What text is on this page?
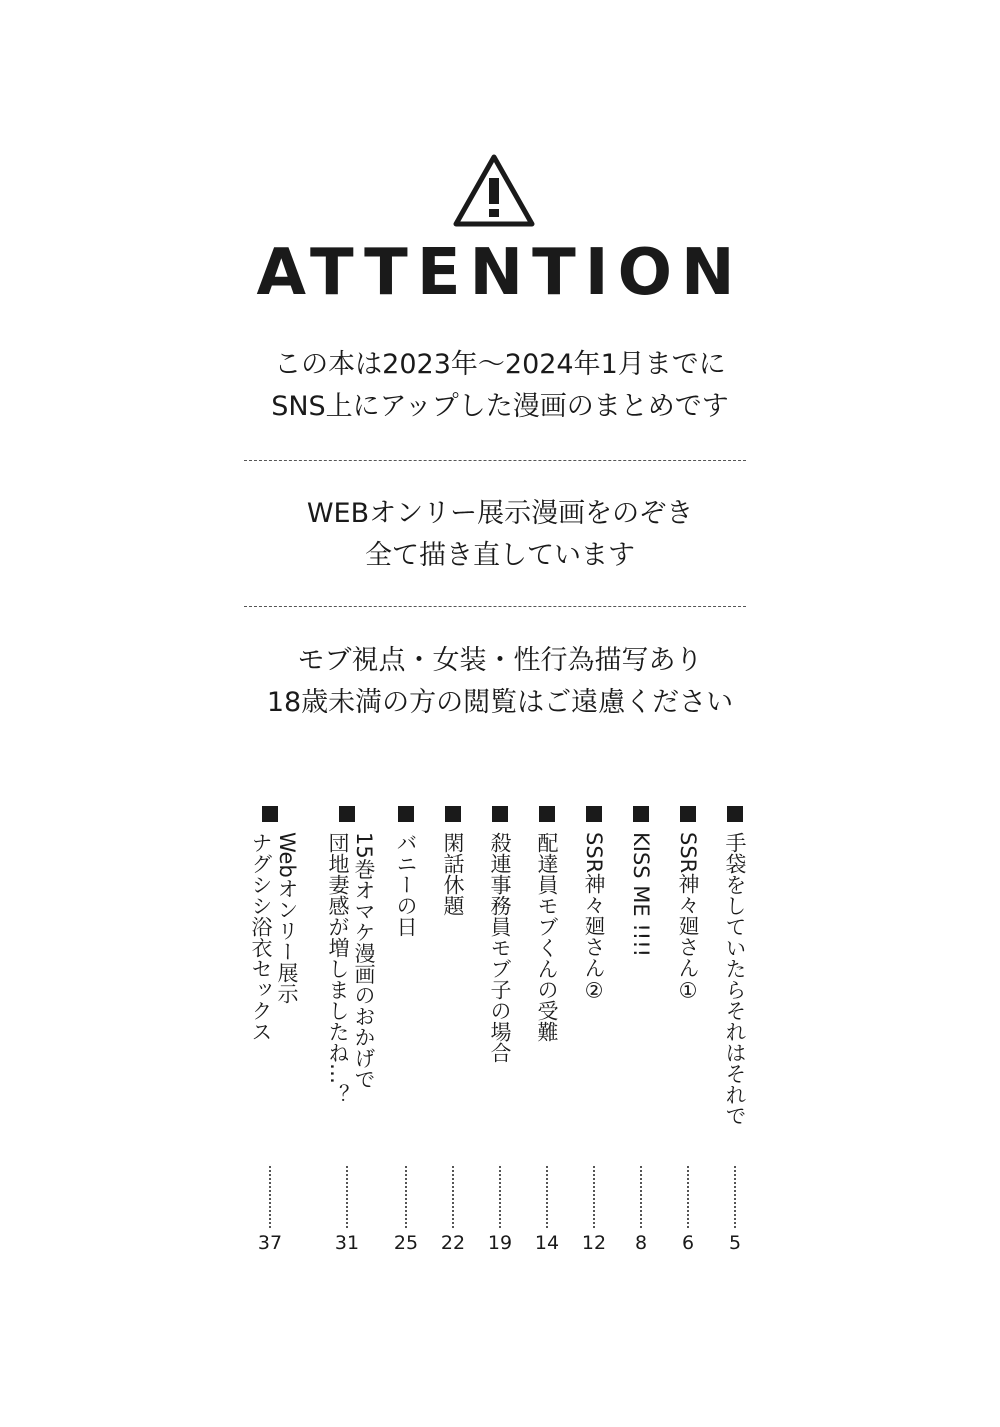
ATTENTION
この本は2023年〜2024年1月までに
SNS上にアップした漫画のまとめです
WEBオンリー展示漫画をのぞき
全て描き直しています
モブ視点・女装・性行為描写あり
18歳未満の方の閲覧はご遠慮ください
手袋をしていたらそれはそれで
5
SSR神々廻さん①
6
KISS ME !!!!
8
SSR神々廻さん②
12
配達員モブくんの受難
14
殺連事務員モブ子の場合
19
閑話休題
22
バニーの日
25
15巻オマケ漫画のおかげで
団地妻感が増しましたね…？
31
Webオンリー展示
ナグシシ浴衣セックス
37
